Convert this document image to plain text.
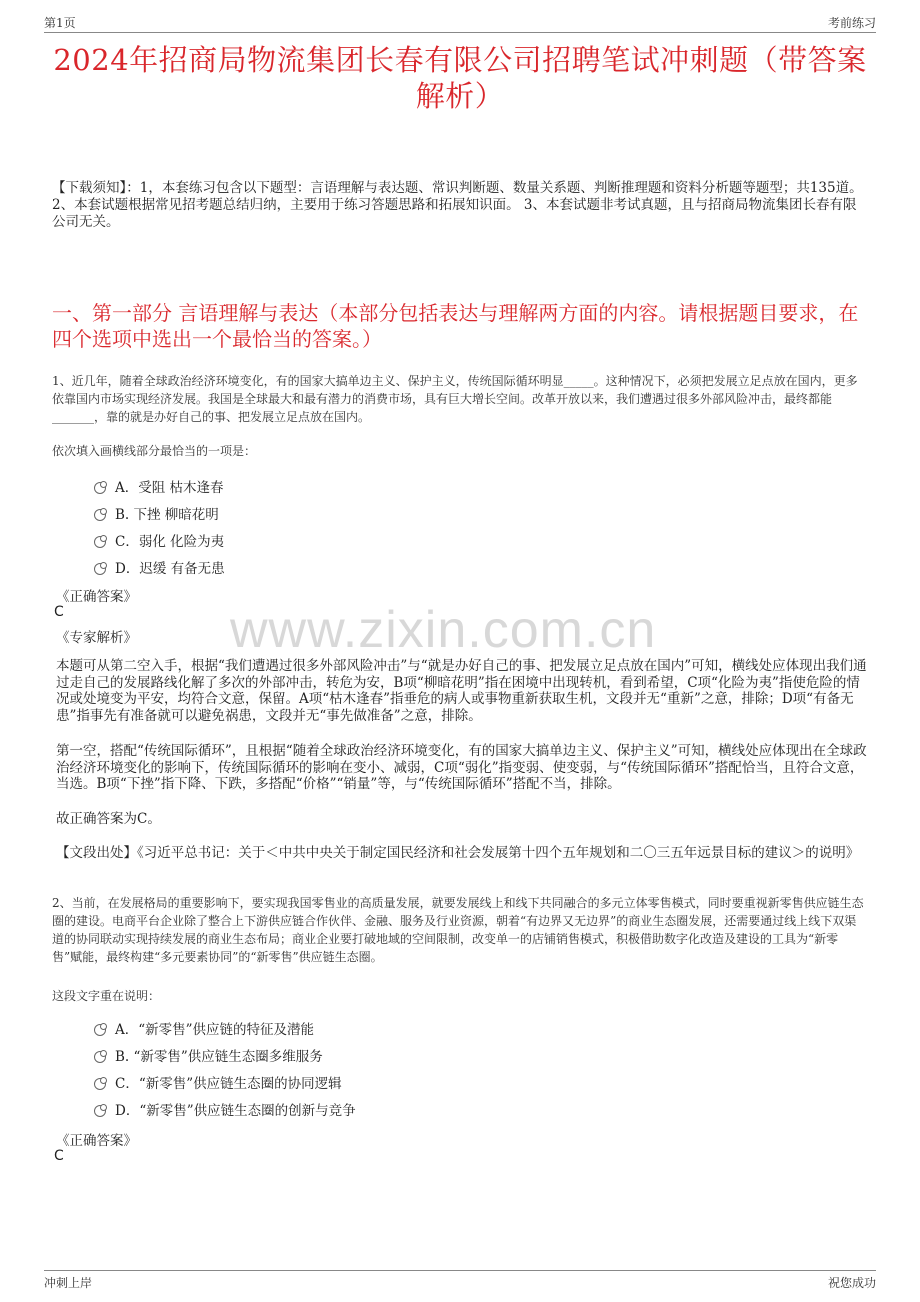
第1页	考前练习
www.zixin.com.cn
2024年招商局物流集团长春有限公司招聘笔试冲刺题（带答案解析）
【下载须知】：1，本套练习包含以下题型：言语理解与表达题、常识判断题、数量关系题、判断推理题和资料分析题等题型；共135道。 2、本套试题根据常见招考题总结归纳，主要用于练习答题思路和拓展知识面。 3、本套试题非考试真题，且与招商局物流集团长春有限公司无关。
一、第一部分 言语理解与表达（本部分包括表达与理解两方面的内容。请根据题目要求，在四个选项中选出一个最恰当的答案。）
1、近几年，随着全球政治经济环境变化，有的国家大搞单边主义、保护主义，传统国际循环明显_____。这种情况下，必须把发展立足点放在国内，更多依靠国内市场实现经济发展。我国是全球最大和最有潜力的消费市场，具有巨大增长空间。改革开放以来，我们遭遇过很多外部风险冲击，最终都能_______，靠的就是办好自己的事、把发展立足点放在国内。
依次填入画横线部分最恰当的一项是：
A．受阻 枯木逢春
B. 下挫 柳暗花明
C．弱化 化险为夷
D．迟缓 有备无患
《正确答案》
C
《专家解析》
本题可从第二空入手，根据“我们遭遇过很多外部风险冲击”与“就是办好自己的事、把发展立足点放在国内”可知，横线处应体现出我们通过走自己的发展路线化解了多次的外部冲击，转危为安，B项“柳暗花明”指在困境中出现转机，看到希望，C项“化险为夷”指使危险的情况或处境变为平安，均符合文意，保留。A项“枯木逢春”指垂危的病人或事物重新获取生机，文段并无“重新”之意，排除；D项“有备无患”指事先有准备就可以避免祸患，文段并无“事先做准备”之意，排除。
第一空，搭配“传统国际循环”，且根据“随着全球政治经济环境变化，有的国家大搞单边主义、保护主义”可知，横线处应体现出在全球政治经济环境变化的影响下，传统国际循环的影响在变小、减弱，C项“弱化”指变弱、使变弱，与“传统国际循环”搭配恰当，且符合文意，当选。B项“下挫”指下降、下跌，多搭配“价格”“销量”等，与“传统国际循环”搭配不当，排除。
故正确答案为C。
【文段出处】《习近平总书记：关于＜中共中央关于制定国民经济和社会发展第十四个五年规划和二〇三五年远景目标的建议＞的说明》
2、当前，在发展格局的重要影响下，要实现我国零售业的高质量发展，就要发展线上和线下共同融合的多元立体零售模式，同时要重视新零售供应链生态圈的建设。电商平台企业除了整合上下游供应链合作伙伴、金融、服务及行业资源，朝着“有边界又无边界”的商业生态圈发展，还需要通过线上线下双渠道的协同联动实现持续发展的商业生态布局；商业企业要打破地域的空间限制，改变单一的店铺销售模式，积极借助数字化改造及建设的工具为“新零售”赋能，最终构建“多元要素协同”的“新零售”供应链生态圈。
这段文字重在说明：
A．“新零售”供应链的特征及潜能
B. “新零售”供应链生态圈多维服务
C．“新零售”供应链生态圈的协同逻辑
D．“新零售”供应链生态圈的创新与竞争
《正确答案》
C
冲刺上岸	祝您成功
